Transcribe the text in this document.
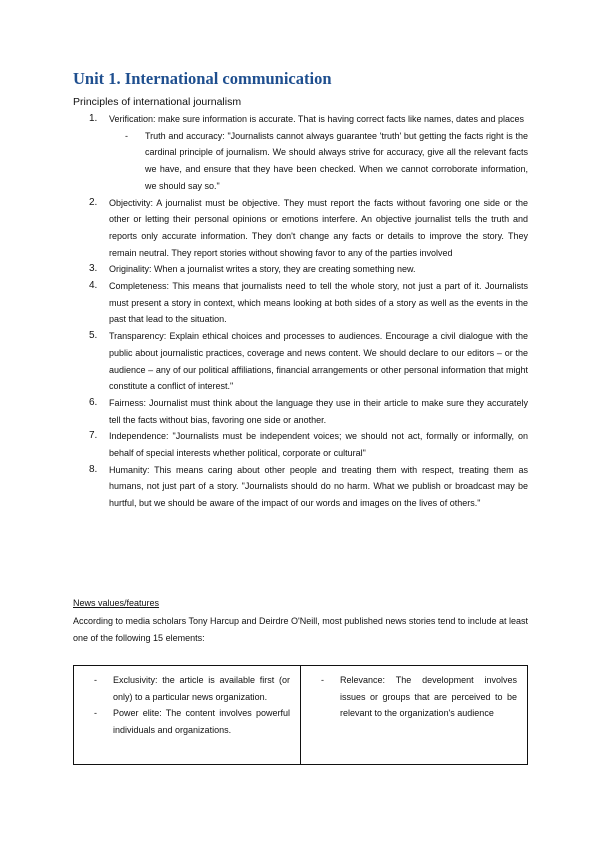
Unit 1. International communication
Principles of international journalism
1. Verification: make sure information is accurate. That is having correct facts like names, dates and places
- Truth and accuracy: "Journalists cannot always guarantee 'truth' but getting the facts right is the cardinal principle of journalism. We should always strive for accuracy, give all the relevant facts we have, and ensure that they have been checked. When we cannot corroborate information, we should say so."
2. Objectivity: A journalist must be objective. They must report the facts without favoring one side or the other or letting their personal opinions or emotions interfere. An objective journalist tells the truth and reports only accurate information. They don't change any facts or details to improve the story. They remain neutral. They report stories without showing favor to any of the parties involved
3. Originality: When a journalist writes a story, they are creating something new.
4. Completeness: This means that journalists need to tell the whole story, not just a part of it. Journalists must present a story in context, which means looking at both sides of a story as well as the events in the past that lead to the situation.
5. Transparency: Explain ethical choices and processes to audiences. Encourage a civil dialogue with the public about journalistic practices, coverage and news content. We should declare to our editors – or the audience – any of our political affiliations, financial arrangements or other personal information that might constitute a conflict of interest."
6. Fairness: Journalist must think about the language they use in their article to make sure they accurately tell the facts without bias, favoring one side or another.
7. Independence: "Journalists must be independent voices; we should not act, formally or informally, on behalf of special interests whether political, corporate or cultural"
8. Humanity: This means caring about other people and treating them with respect, treating them as humans, not just part of a story. "Journalists should do no harm. What we publish or broadcast may be hurtful, but we should be aware of the impact of our words and images on the lives of others."
News values/features
According to media scholars Tony Harcup and Deirdre O'Neill, most published news stories tend to include at least one of the following 15 elements:
- Exclusivity: the article is available first (or only) to a particular news organization.
- Power elite: The content involves powerful individuals and organizations.

- Relevance: The development involves issues or groups that are perceived to be relevant to the organization's audience
